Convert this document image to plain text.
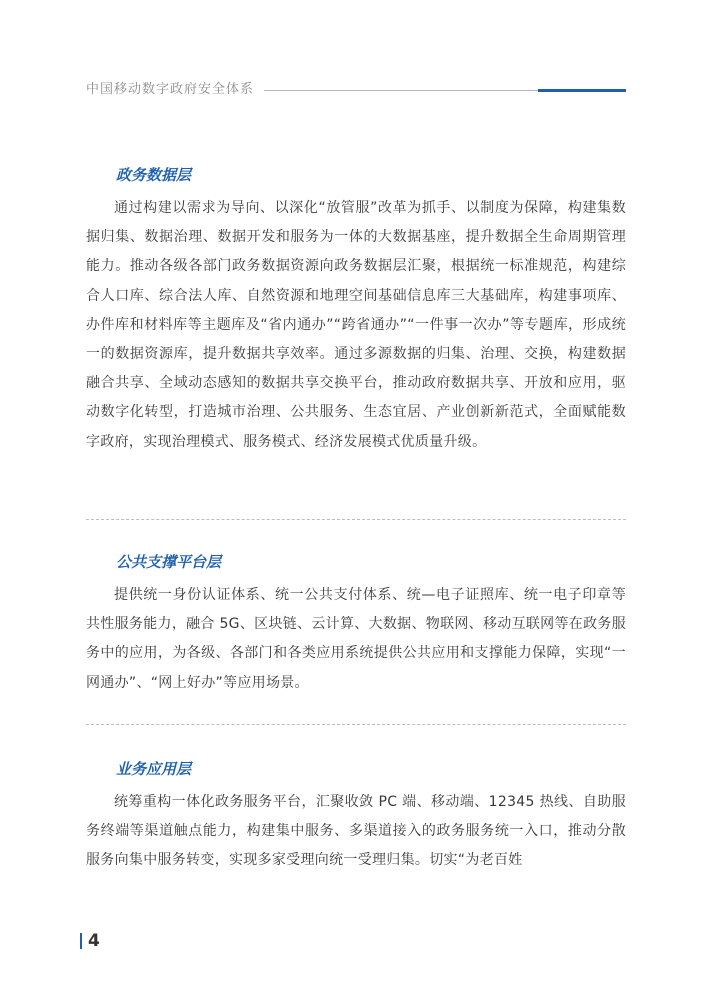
中国移动数字政府安全体系
政务数据层

通过构建以需求为导向、以深化“放管服”改革为抓手、以制度为保障，构建集数据归集、数据治理、数据开发和服务为一体的大数据基座，提升数据全生命周期管理能力。推动各级各部门政务数据资源向政务数据层汇聚，根据统一标准规范，构建综合人口库、综合法人库、自然资源和地理空间基础信息库三大基础库，构建事项库、办件库和材料库等主题库及“省内通办”“跨省通办”“一件事一次办”等专题库，形成统一的数据资源库，提升数据共享效率。通过多源数据的归集、治理、交换，构建数据融合共享、全域动态感知的数据共享交换平台，推动政府数据共享、开放和应用，驱动数字化转型，打造城市治理、公共服务、生态宜居、产业创新新范式，全面赋能数字政府，实现治理模式、服务模式、经济发展模式优质量升级。

公共支撑平台层

提供统一身份认证体系、统一公共支付体系、统—电子证照库、统一电子印章等共性服务能力，融合 5G、区块链、云计算、大数据、物联网、移动互联网等在政务服务中的应用，为各级、各部门和各类应用系统提供公共应用和支撑能力保障，实现“一网通办”、“网上好办”等应用场景。

业务应用层

统筹重构一体化政务服务平台，汇聚收敛 PC 端、移动端、12345 热线、自助服务终端等渠道触点能力，构建集中服务、多渠道接入的政务服务统一入口，推动分散服务向集中服务转变，实现多家受理向统一受理归集。切实“为老百姓

4
